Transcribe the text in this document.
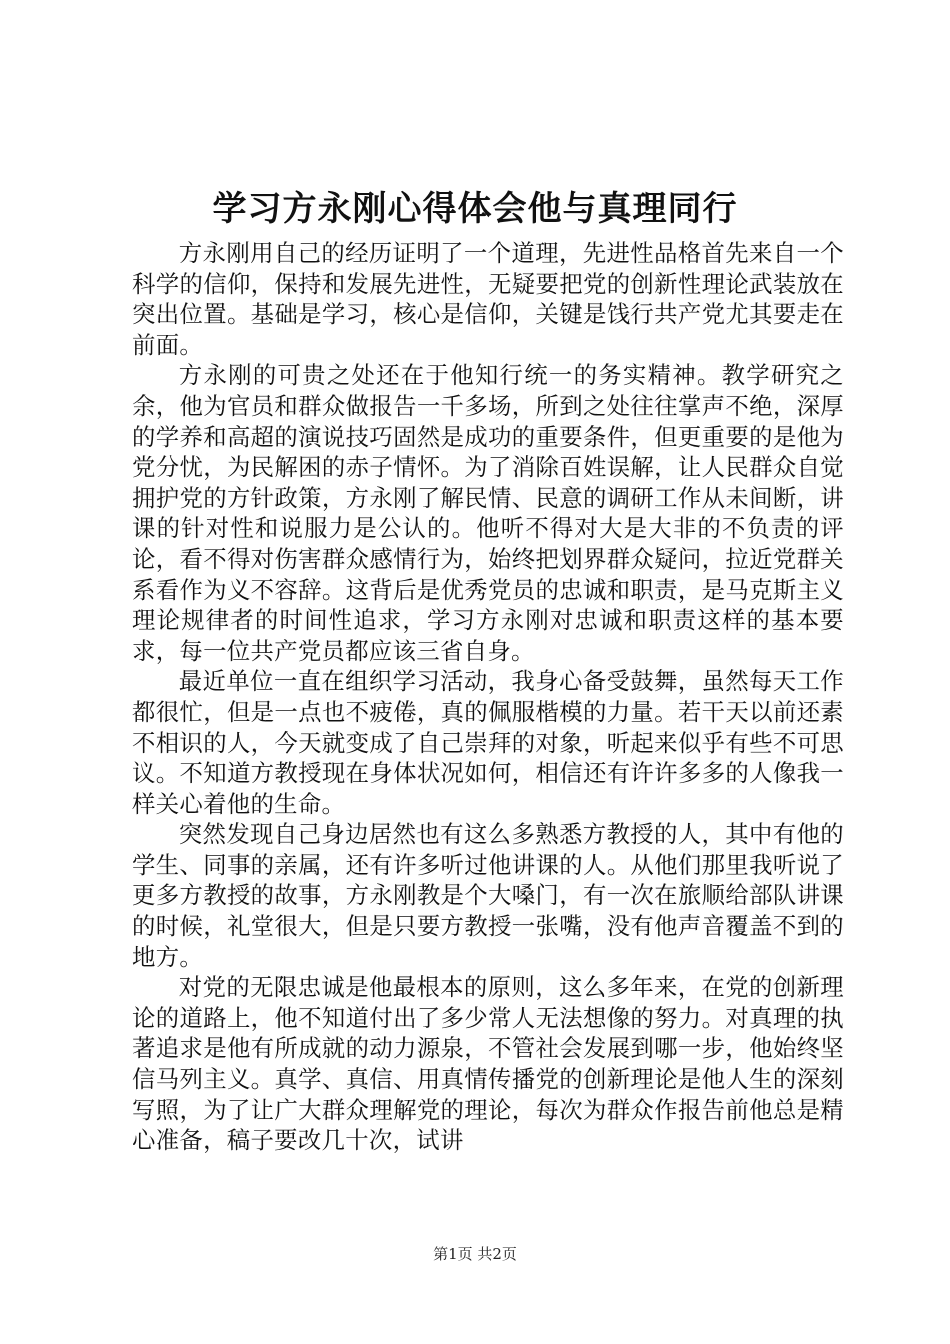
学习方永刚心得体会他与真理同行

方永刚用自己的经历证明了一个道理，先进性品格首先来自一个科学的信仰，保持和发展先进性，无疑要把党的创新性理论武装放在突出位置。基础是学习，核心是信仰，关键是饯行共产党尤其要走在前面。

方永刚的可贵之处还在于他知行统一的务实精神。教学研究之余，他为官员和群众做报告一千多场，所到之处往往掌声不绝，深厚的学养和高超的演说技巧固然是成功的重要条件，但更重要的是他为党分忧，为民解困的赤子情怀。为了消除百姓误解，让人民群众自觉拥护党的方针政策，方永刚了解民情、民意的调研工作从未间断，讲课的针对性和说服力是公认的。他听不得对大是大非的不负责的评论，看不得对伤害群众感情行为，始终把划界群众疑问，拉近党群关系看作为义不容辞。这背后是优秀党员的忠诚和职责，是马克斯主义理论规律者的时间性追求，学习方永刚对忠诚和职责这样的基本要求，每一位共产党员都应该三省自身。

最近单位一直在组织学习活动，我身心备受鼓舞，虽然每天工作都很忙，但是一点也不疲倦，真的佩服楷模的力量。若干天以前还素不相识的人，今天就变成了自己崇拜的对象，听起来似乎有些不可思议。不知道方教授现在身体状况如何，相信还有许许多多的人像我一样关心着他的生命。

突然发现自己身边居然也有这么多熟悉方教授的人，其中有他的学生、同事的亲属，还有许多听过他讲课的人。从他们那里我听说了更多方教授的故事，方永刚教是个大嗓门，有一次在旅顺给部队讲课的时候，礼堂很大，但是只要方教授一张嘴，没有他声音覆盖不到的地方。

对党的无限忠诚是他最根本的原则，这么多年来，在党的创新理论的道路上，他不知道付出了多少常人无法想像的努力。对真理的执著追求是他有所成就的动力源泉，不管社会发展到哪一步，他始终坚信马列主义。真学、真信、用真情传播党的创新理论是他人生的深刻写照，为了让广大群众理解党的理论，每次为群众作报告前他总是精心准备，稿子要改几十次，试讲

第1页 共2页
